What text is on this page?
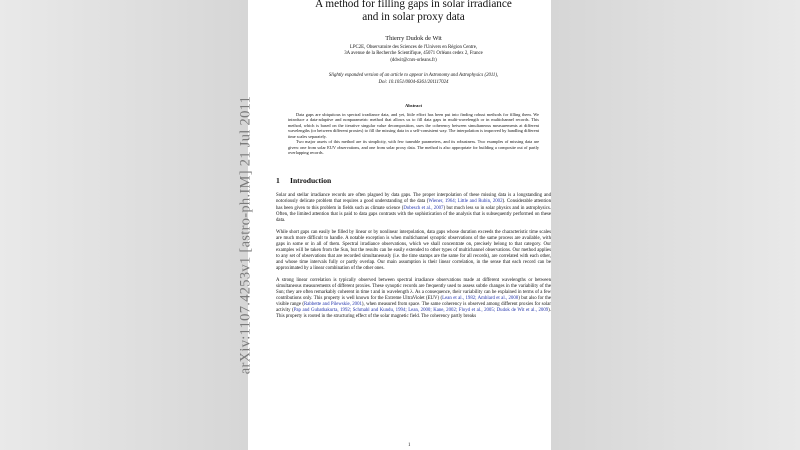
A method for filling gaps in solar irradiance
and in solar proxy data
Thierry Dudok de Wit
LPC2E, Observatoire des Sciences de l'Univers en Région Centre,
3A avenue de la Recherche Scientifique, 45071 Orléans cedex 2, France
(ddwit@cnrs-orleans.fr)
Slightly expanded version of an article to appear in Astronomy and Astrophysics (2011),
Doi: 10.1051/0004-6361/201117024
Abstract

Data gaps are ubiquitous in spectral irradiance data, and yet, little effort has been put into finding robust methods for filling them. We introduce a data-adaptive and nonparametric method that allows us to fill data gaps in multi-wavelength or in multichannel records. This method, which is based on the iterative singular value decomposition, uses the coherency between simultaneous measurements at different wavelengths (or between different proxies) to fill the missing data in a self-consistent way. The interpolation is improved by handling different time scales separately.

Two major assets of this method are its simplicity, with few tuneable parameters, and its robustness. Two examples of missing data are given: one from solar EUV observations, and one from solar proxy data. The method is also appropriate for building a composite out of partly overlapping records.

1 Introduction

Solar and stellar irradiance records are often plagued by data gaps. The proper interpolation of these missing data is a longstanding and notoriously delicate problem that requires a good understanding of the data (Wiener, 1964; Little and Rubin, 2002). Considerable attention has been given to this problem in fields such as climate science (Dobesch et al., 2007) but much less so in solar physics and in astrophysics. Often, the limited attention that is paid to data gaps contrasts with the sophistication of the analysis that is subsequently performed on these data.

While short gaps can easily be filled by linear or by nonlinear interpolation, data gaps whose duration exceeds the characteristic time scales are much more difficult to handle. A notable exception is when multichannel synoptic observations of the same process are available, with gaps in some or in all of them. Spectral irradiance observations, which we shall concentrate on, precisely belong to that category. Our examples will be taken from the Sun, but the results can be easily extended to other types of multichannel observations. Our method applies to any set of observations that are recorded simultaneously (i.e. the time stamps are the same for all records), are correlated with each other, and whose time intervals fully or partly overlap. Our main assumption is their linear correlation, in the sense that each record can be approximated by a linear combination of the other ones.

A strong linear correlation is typically observed between spectral irradiance observations made at different wavelengths or between simultaneous measurements of different proxies. These synoptic records are frequently used to assess subtle changes in the variability of the Sun; they are often remarkably coherent in time t and in wavelength λ. As a consequence, their variability can be explained in terms of a few contributions only. This property is well known for the Extreme UltraViolet (EUV) (Lean et al., 1982; Amblard et al., 2008) but also for the visible range (Rabbette and Pilewskie, 2001), when measured from space. The same coherency is observed among different proxies for solar activity (Pap and Gubathakurta, 1992; Schmahl and Kundu, 1994; Lean, 2000; Kane, 2002; Floyd et al., 2005; Dudok de Wit et al., 2009). This property is rooted in the structuring effect of the solar magnetic field. The coherency partly breaks

1
arXiv:1107.4253v1 [astro-ph.IM] 21 Jul 2011
